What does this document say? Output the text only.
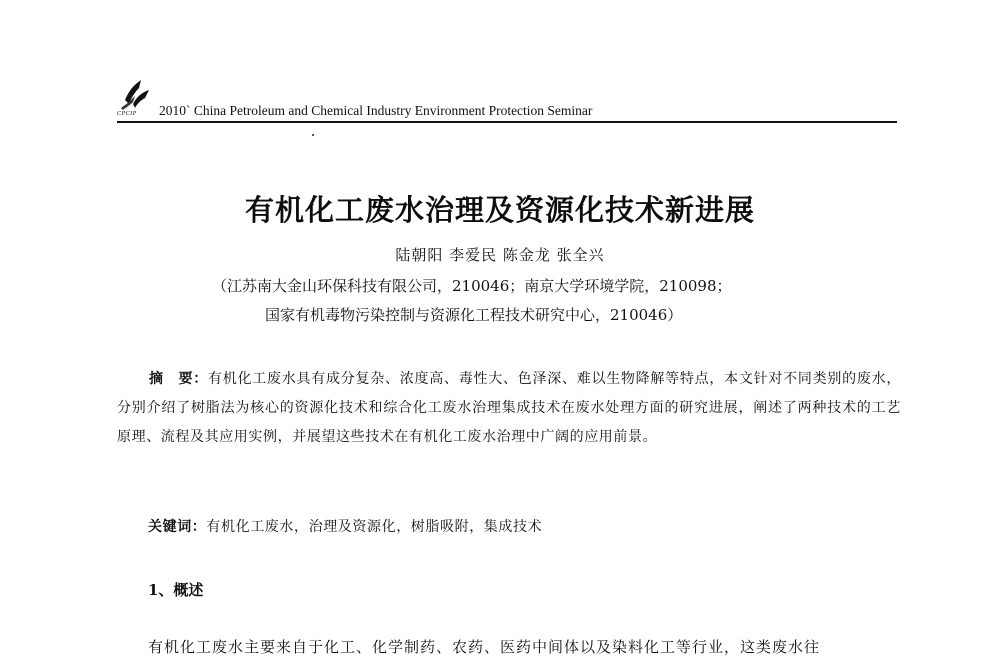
CPCIP	2010` China Petroleum and Chemical Industry Environment Protection Seminar
有机化工废水治理及资源化技术新进展
陆朝阳 李爱民 陈金龙 张全兴
（江苏南大金山环保科技有限公司，210046；南京大学环境学院，210098；
国家有机毒物污染控制与资源化工程技术研究中心，210046）

摘　要：有机化工废水具有成分复杂、浓度高、毒性大、色泽深、难以生物降解等特点，本文针对不同类别的废水，分别介绍了树脂法为核心的资源化技术和综合化工废水治理集成技术在废水处理方面的研究进展，阐述了两种技术的工艺原理、流程及其应用实例，并展望这些技术在有机化工废水治理中广阔的应用前景。

关键词：有机化工废水，治理及资源化，树脂吸附，集成技术
1、概述
有机化工废水主要来自于化工、化学制药、农药、医药中间体以及染料化工等行业，这类废水往
